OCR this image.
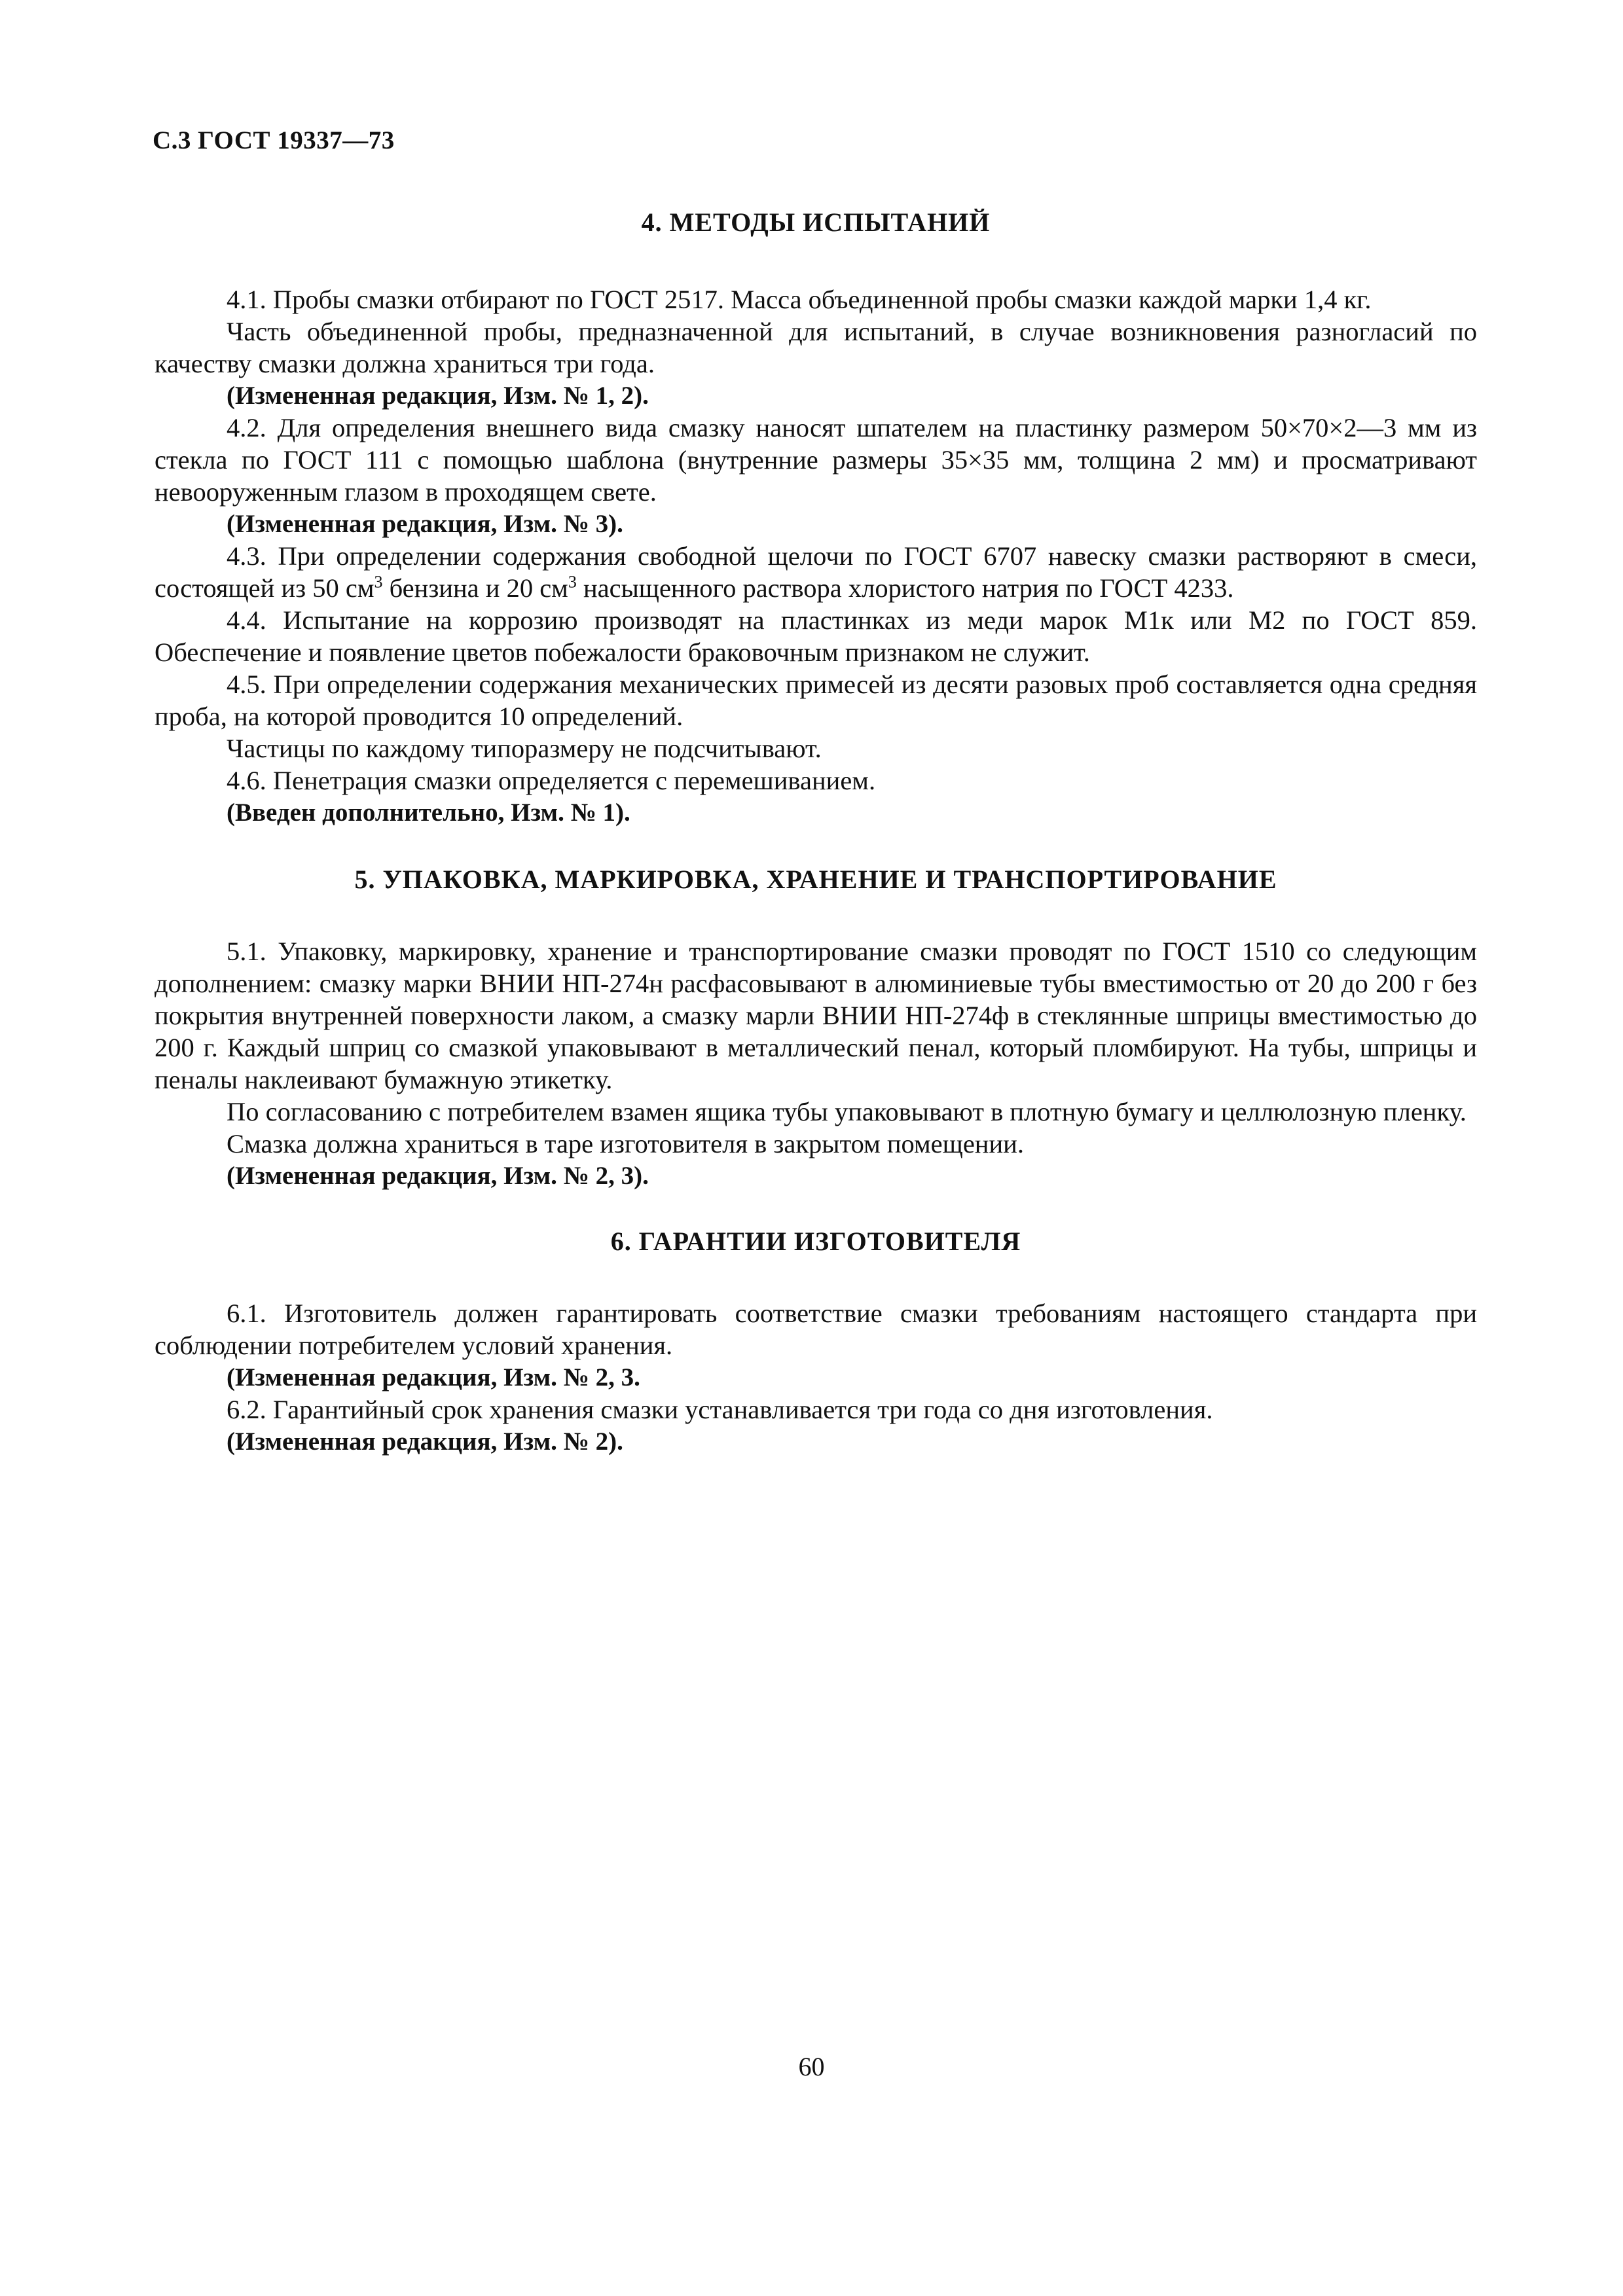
С.3 ГОСТ 19337—73
4. МЕТОДЫ ИСПЫТАНИЙ

4.1. Пробы смазки отбирают по ГОСТ 2517. Масса объединенной пробы смазки каждой марки 1,4 кг.

Часть объединенной пробы, предназначенной для испытаний, в случае возникновения разногласий по качеству смазки должна храниться три года.

(Измененная редакция, Изм. № 1, 2).

4.2. Для определения внешнего вида смазку наносят шпателем на пластинку размером 50×70×2—3 мм из стекла по ГОСТ 111 с помощью шаблона (внутренние размеры 35×35 мм, толщина 2 мм) и просматривают невооруженным глазом в проходящем свете.

(Измененная редакция, Изм. № 3).

4.3. При определении содержания свободной щелочи по ГОСТ 6707 навеску смазки растворяют в смеси, состоящей из 50 $см^3$ бензина и 20 $см^3$ насыщенного раствора хлористого натрия по ГОСТ 4233.

4.4. Испытание на коррозию производят на пластинках из меди марок М1к или М2 по ГОСТ 859. Обеспечение и появление цветов побежалости браковочным признаком не служит.

4.5. При определении содержания механических примесей из десяти разовых проб составляется одна средняя проба, на которой проводится 10 определений.

Частицы по каждому типоразмеру не подсчитывают.

4.6. Пенетрация смазки определяется с перемешиванием.

(Введен дополнительно, Изм. № 1).

5. УПАКОВКА, МАРКИРОВКА, ХРАНЕНИЕ И ТРАНСПОРТИРОВАНИЕ

5.1. Упаковку, маркировку, хранение и транспортирование смазки проводят по ГОСТ 1510 со следующим дополнением: смазку марки ВНИИ НП-274н расфасовывают в алюминиевые тубы вместимостью от 20 до 200 г без покрытия внутренней поверхности лаком, а смазку марли ВНИИ НП-274ф в стеклянные шприцы вместимостью до 200 г. Каждый шприц со смазкой упаковывают в металлический пенал, который пломбируют. На тубы, шприцы и пеналы наклеивают бумажную этикетку.

По согласованию с потребителем взамен ящика тубы упаковывают в плотную бумагу и целлюлозную пленку.

Смазка должна храниться в таре изготовителя в закрытом помещении.

(Измененная редакция, Изм. № 2, 3).

6. ГАРАНТИИ ИЗГОТОВИТЕЛЯ

6.1. Изготовитель должен гарантировать соответствие смазки требованиям настоящего стандарта при соблюдении потребителем условий хранения.

(Измененная редакция, Изм. № 2, 3.

6.2. Гарантийный срок хранения смазки устанавливается три года со дня изготовления.

(Измененная редакция, Изм. № 2).

60
